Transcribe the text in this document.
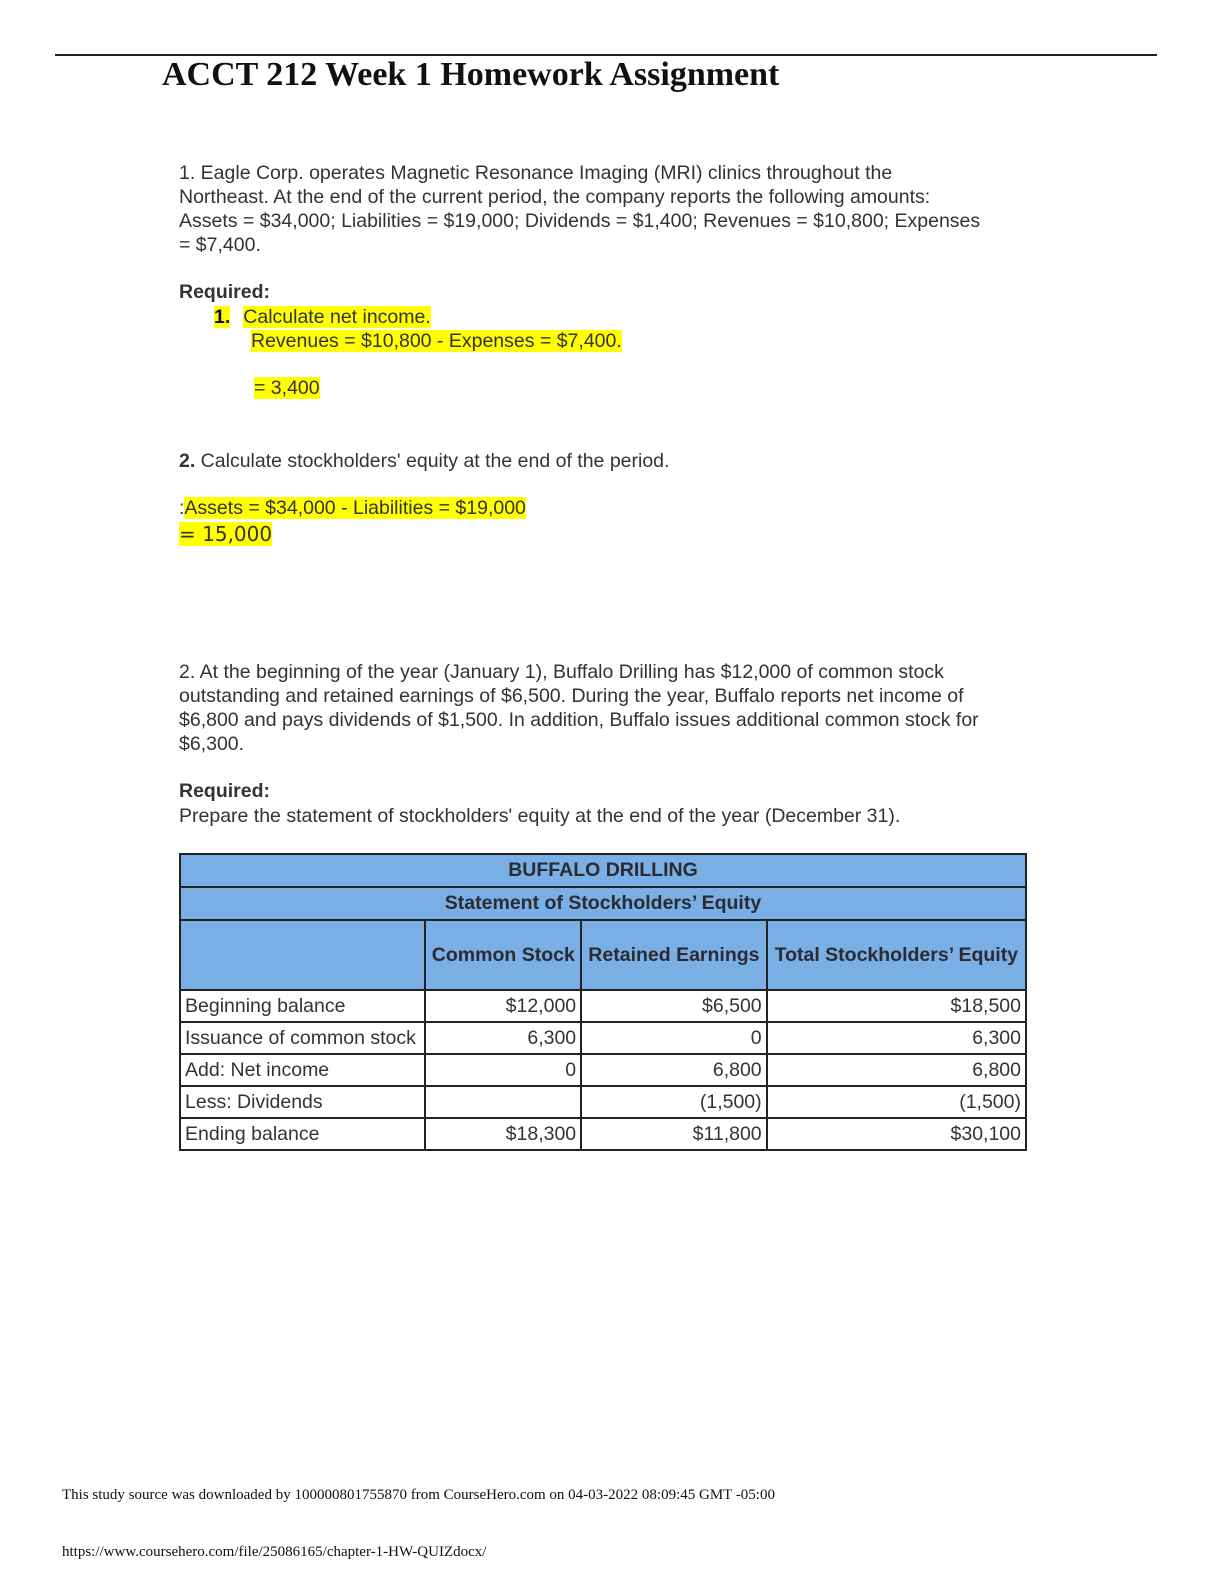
ACCT 212 Week 1 Homework Assignment

1. Eagle Corp. operates Magnetic Resonance Imaging (MRI) clinics throughout the

Northeast. At the end of the current period, the company reports the following amounts:

Assets = $34,000; Liabilities = $19,000; Dividends = $1,400; Revenues = $10,800; Expenses

= $7,400.

Required:

1. Calculate net income.

Revenues = $10,800 - Expenses = $7,400.

= 3,400

2. Calculate stockholders' equity at the end of the period.

:Assets = $34,000 - Liabilities = $19,000

= 15,000

2. At the beginning of the year (January 1), Buffalo Drilling has $12,000 of common stock

outstanding and retained earnings of $6,500. During the year, Buffalo reports net income of

$6,800 and pays dividends of $1,500. In addition, Buffalo issues additional common stock for

$6,300.

Required:

Prepare the statement of stockholders' equity at the end of the year (December 31).

BUFFALO DRILLING			
Statement of Stockholders’ Equity			
	Common Stock	Retained Earnings	Total Stockholders’ Equity
Beginning balance	$12,000	$6,500	$18,500
Issuance of common stock	6,300	0	6,300
Add: Net income	0	6,800	6,800
Less: Dividends		(1,500)	(1,500)
Ending balance	$18,300	$11,800	$30,100
This study source was downloaded by 100000801755870 from CourseHero.com on 04-03-2022 08:09:45 GMT -05:00
https://www.coursehero.com/file/25086165/chapter-1-HW-QUIZdocx/
